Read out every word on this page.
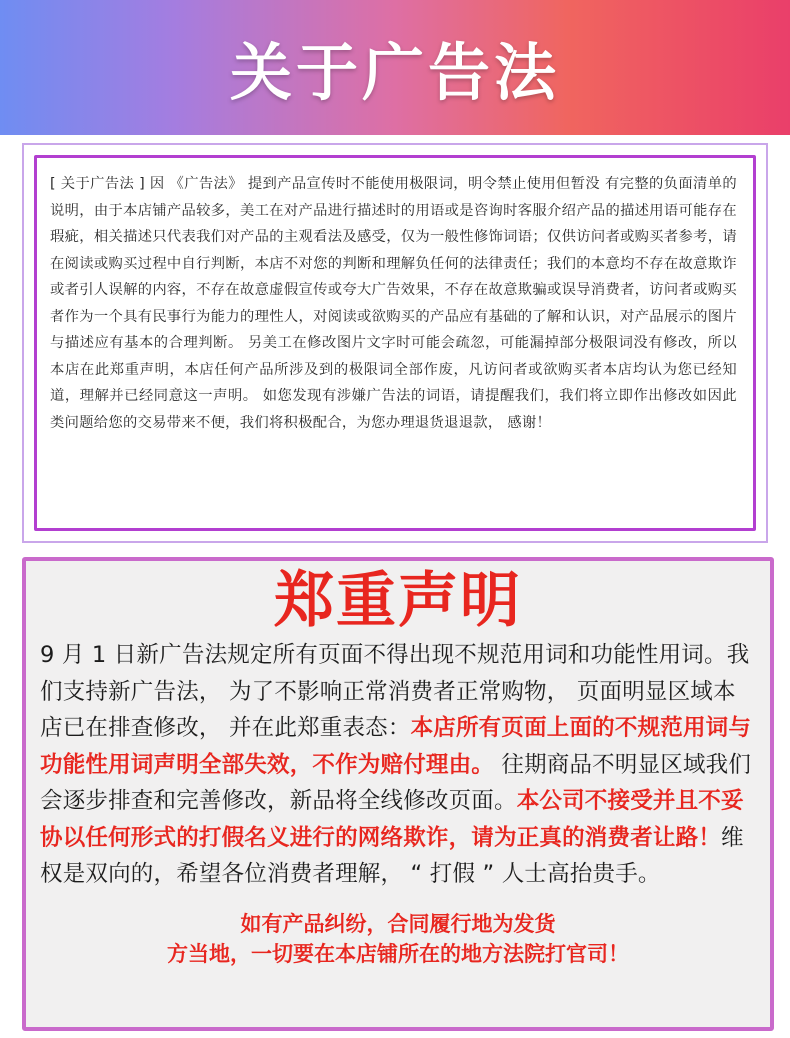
关于广告法

[ 关于广告法 ] 因 《广告法》 提到产品宣传时不能使用极限词，明令禁止使用但暂没 有完整的负面清单的说明，由于本店铺产品较多，美工在对产品进行描述时的用语或是咨询时客服介绍产品的描述用语可能存在瑕疵，相关描述只代表我们对产品的主观看法及感受，仅为一般性修饰词语；仅供访问者或购买者参考，请在阅读或购买过程中自行判断，本店不对您的判断和理解负任何的法律责任；我们的本意均不存在故意欺诈或者引人误解的内容，不存在故意虚假宣传或夸大广告效果，不存在故意欺骗或误导消费者，访问者或购买者作为一个具有民事行为能力的理性人，对阅读或欲购买的产品应有基础的了解和认识，对产品展示的图片与描述应有基本的合理判断。 另美工在修改图片文字时可能会疏忽，可能漏掉部分极限词没有修改，所以本店在此郑重声明，本店任何产品所涉及到的极限词全部作废，凡访问者或欲购买者本店均认为您已经知道，理解并已经同意这一声明。 如您发现有涉嫌广告法的词语，请提醒我们，我们将立即作出修改如因此类问题给您的交易带来不便，我们将积极配合，为您办理退货退退款， 感谢！

郑重声明

9 月 1 日新广告法规定所有页面不得出现不规范用词和功能性用词。我们支持新广告法， 为了不影响正常消费者正常购物， 页面明显区域本店已在排查修改， 并在此郑重表态：本店所有页面上面的不规范用词与功能性用词声明全部失效，不作为赔付理由。 往期商品不明显区域我们会逐步排查和完善修改，新品将全线修改页面。本公司不接受并且不妥协以任何形式的打假名义进行的网络欺诈，请为正真的消费者让路！维权是双向的，希望各位消费者理解， “ 打假 ” 人士高抬贵手。

如有产品纠纷，合同履行地为发货
方当地，一切要在本店铺所在的地方法院打官司！
